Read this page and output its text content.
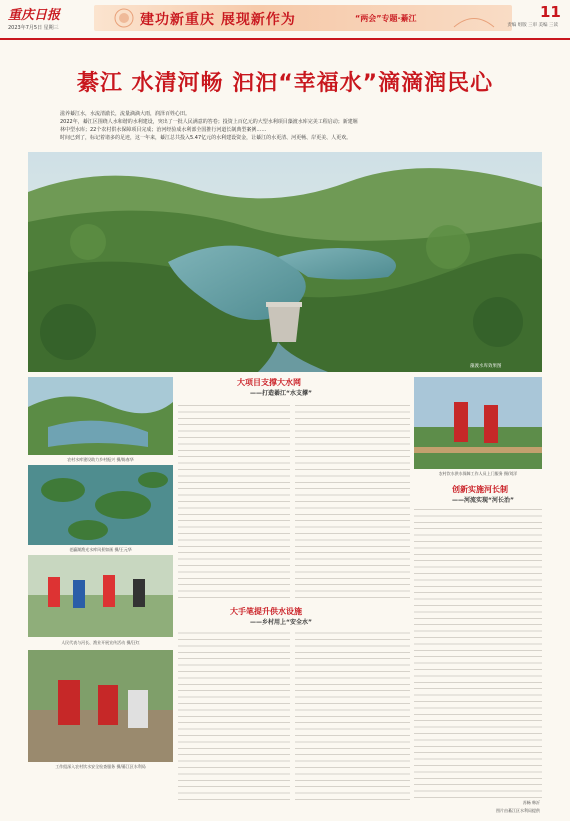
重庆日报
2023年7月5日 星期三	建功新重庆 展现新作为	“两会”专题·綦江	11
责编 组版 三审 美编 三读
綦江 水清河畅 汩汩“幸福水”滴滴润民心
滋养綦江水，水流清澈长，流量滴滴大雨，润泽百姓心田。
2022年，綦江区围绕人水和谐的水利建设，突出了一批人民满意的答卷；投资上百亿元的大型水利项目藻渡水库完美工程启动；新建堰
林中型水库；22个农村供水保障项目完成；治河经验成水利部全国推行河道长制典型案例……
时间已到了，标记着诸多的足迹，这一年来，綦江总共投入5.47亿元的水利建设资金，让綦江的水更清、河更畅、岸更美、人更欢。
藻渡水库效果图
农村水库建设助力乡村振兴 摄/陈春华
老瀛湖渔光水库风景如画 摄/王元华
人民代表与河长、渔业开展宣传活动 摄/汪红
工作组深入农村饮水安全检查服务 摄/綦江区水利局
大项目支撑大水网
——打造綦江“水支撑”
大手笔提升供水设施
——乡村用上“安全水”
农村饮水供水保障工作人员上门服务 摄/刘洋
创新实施河长制
——河流实现“河长治”
苏畅 韩沂
图片由綦江区水利局提供
